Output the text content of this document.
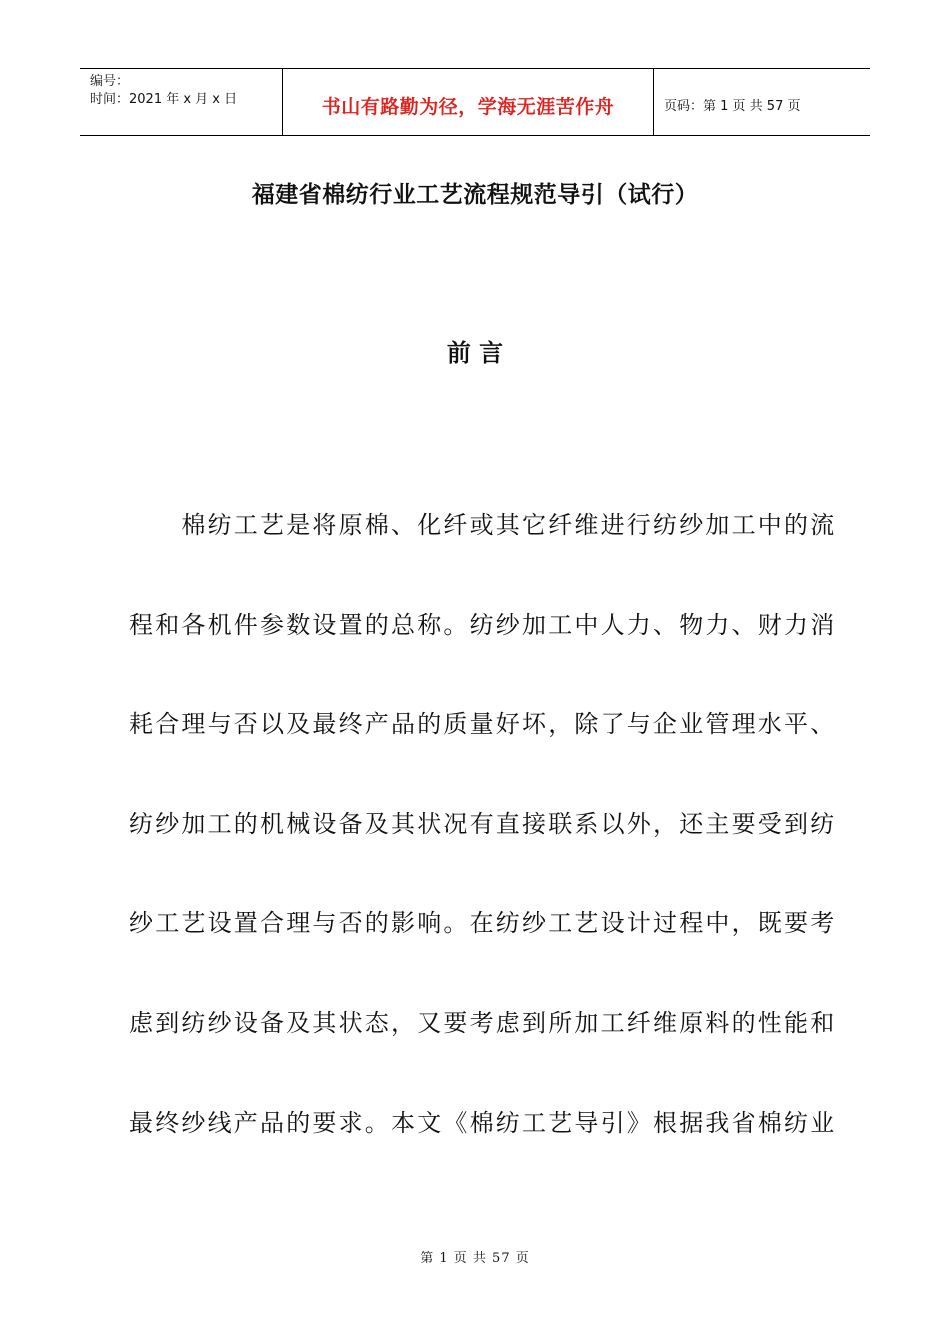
编号：
时间：2021 年 x 月 x 日	书山有路勤为径，学海无涯苦作舟	页码：第 1 页 共 57 页
福建省棉纺行业工艺流程规范导引（试行）
前 言
　　棉纺工艺是将原棉、化纤或其它纤维进行纺纱加工中的流
程和各机件参数设置的总称。纺纱加工中人力、物力、财力消
耗合理与否以及最终产品的质量好坏，除了与企业管理水平、
纺纱加工的机械设备及其状况有直接联系以外，还主要受到纺
纱工艺设置合理与否的影响。在纺纱工艺设计过程中，既要考
虑到纺纱设备及其状态，又要考虑到所加工纤维原料的性能和
最终纱线产品的要求。本文《棉纺工艺导引》根据我省棉纺业
第 1 页 共 57 页
